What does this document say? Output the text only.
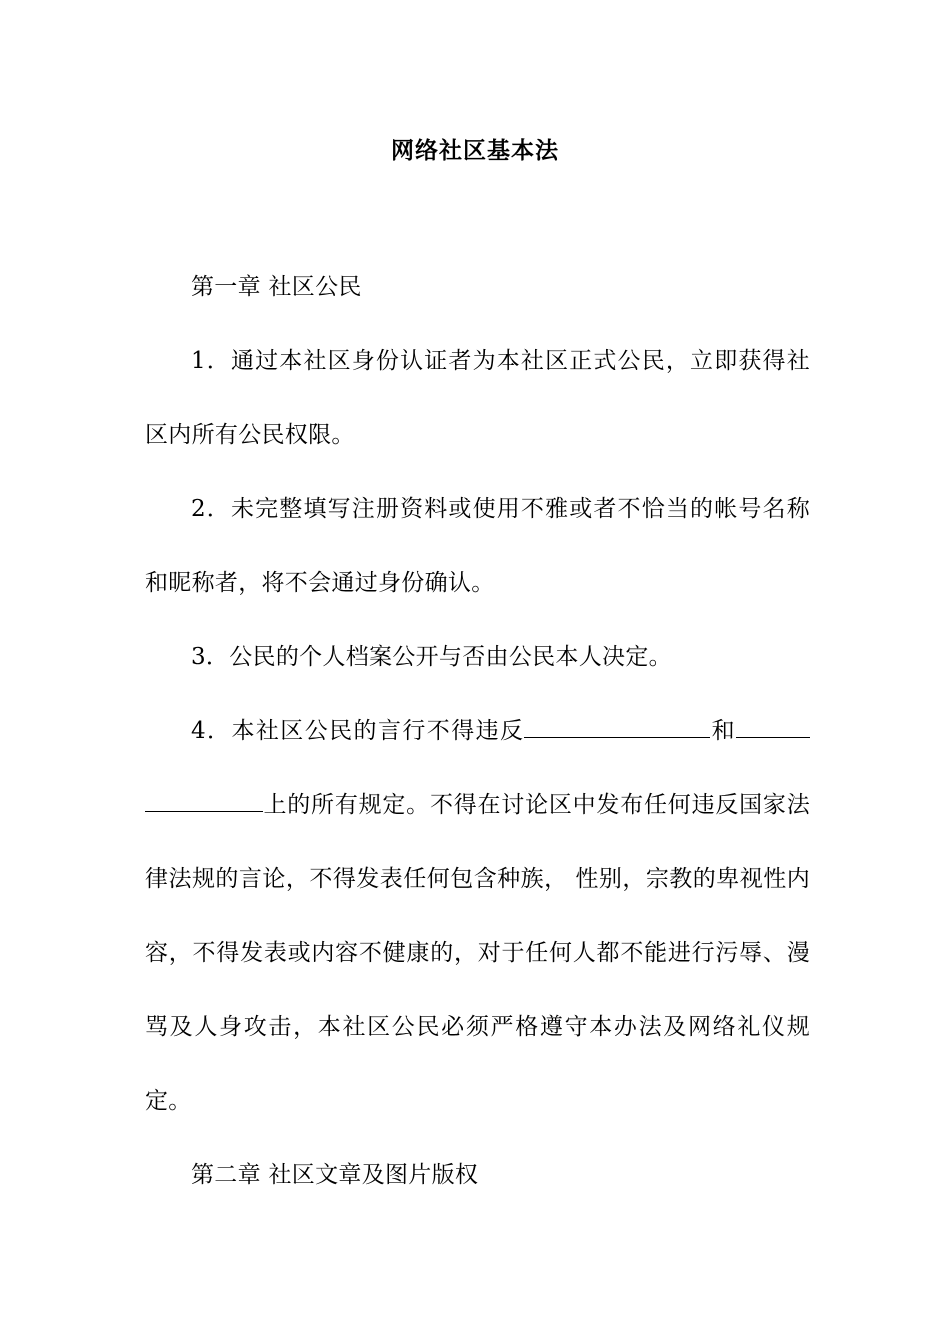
网络社区基本法

第一章 社区公民

1．通过本社区身份认证者为本社区正式公民，立即获得社区内所有公民权限。

2．未完整填写注册资料或使用不雅或者不恰当的帐号名称和昵称者，将不会通过身份确认。

3．公民的个人档案公开与否由公民本人决定。

4．本社区公民的言行不得违反	和上的所有规定。不得在讨论区中发布任何违反国家法律法规的言论，不得发表任何包含种族， 性别，宗教的卑视性内容，不得发表或内容不健康的，对于任何人都不能进行污辱、漫骂及人身攻击，本社区公民必须严格遵守本办法及网络礼仪规定。

第二章 社区文章及图片版权
